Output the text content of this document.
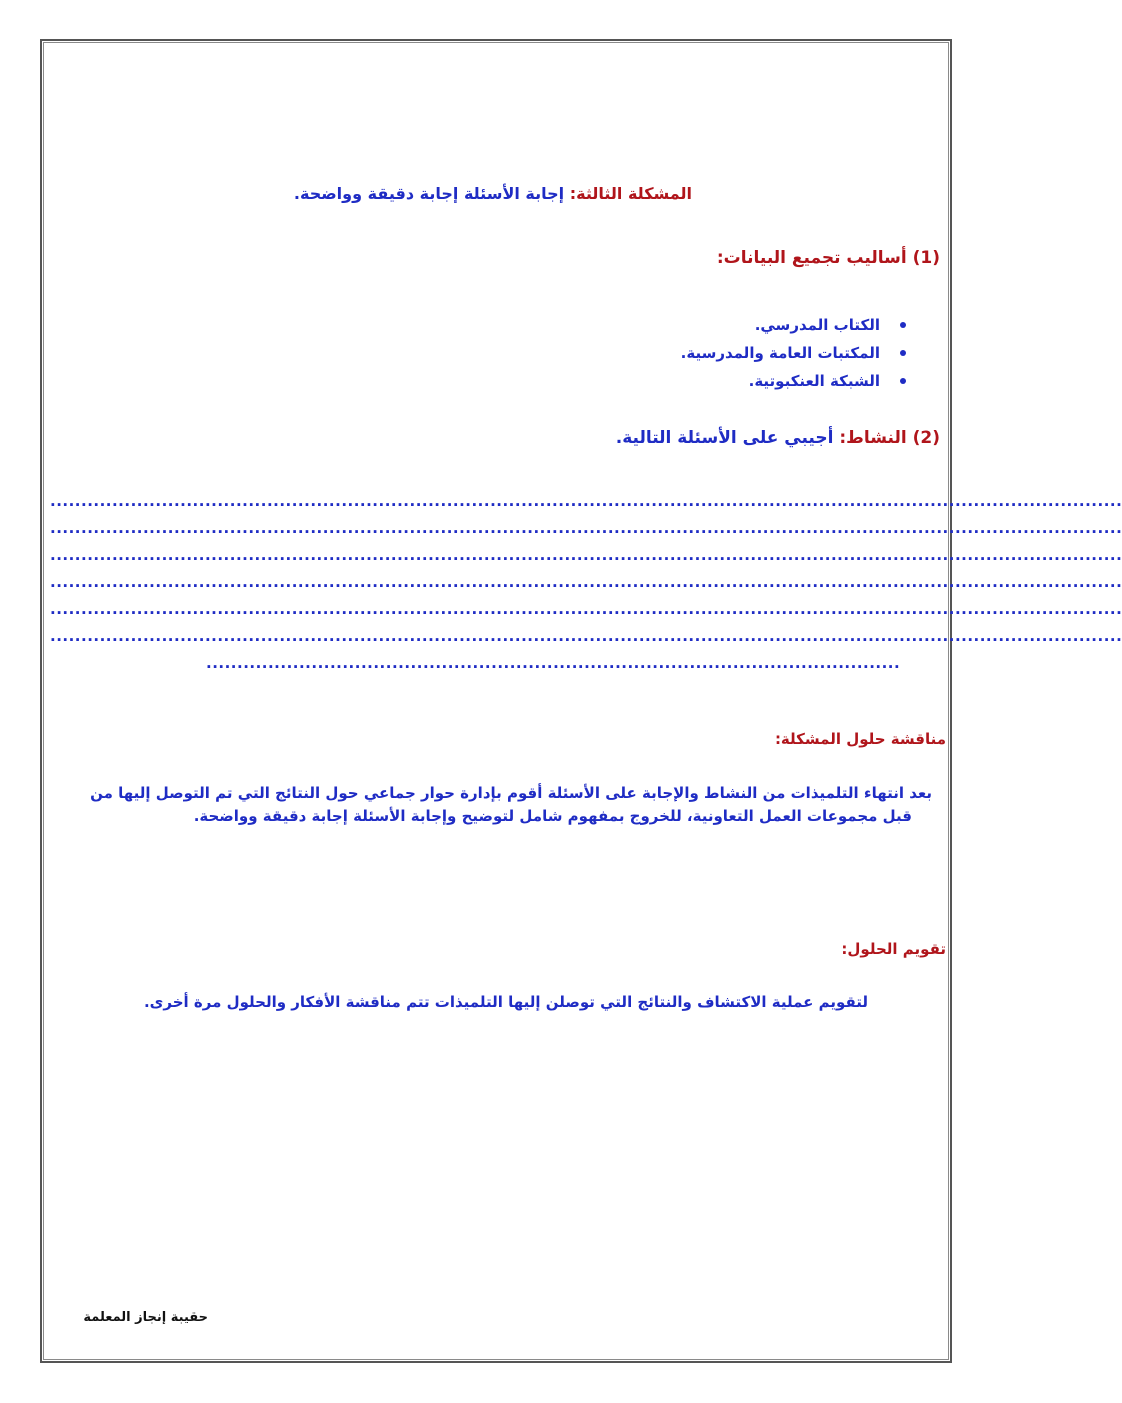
المشكلة الثالثة: إجابة الأسئلة إجابة دقيقة وواضحة.
(1) أساليب تجميع البيانات:
الكتاب المدرسي.
المكتبات العامة والمدرسية.
الشبكة العنكبوتية.
(2) النشاط: أجيبي على الأسئلة التالية.
.............................................................................................................................................................................
.............................................................................................................................................................................
.............................................................................................................................................................................
.............................................................................................................................................................................
.............................................................................................................................................................................
.............................................................................................................................................................................
................................................................................................................
مناقشة حلول المشكلة:
بعد انتهاء التلميذات من النشاط والإجابة على الأسئلة أقوم بإدارة حوار جماعي حول النتائج التي تم التوصل إليها من
قبل مجموعات العمل التعاونية، للخروج بمفهوم شامل لتوضيح وإجابة الأسئلة إجابة دقيقة وواضحة.
تقويم الحلول:
لتقويم عملية الاكتشاف والنتائج التي توصلن إليها التلميذات تتم مناقشة الأفكار والحلول مرة أخرى.
حقيبة إنجاز المعلمة
